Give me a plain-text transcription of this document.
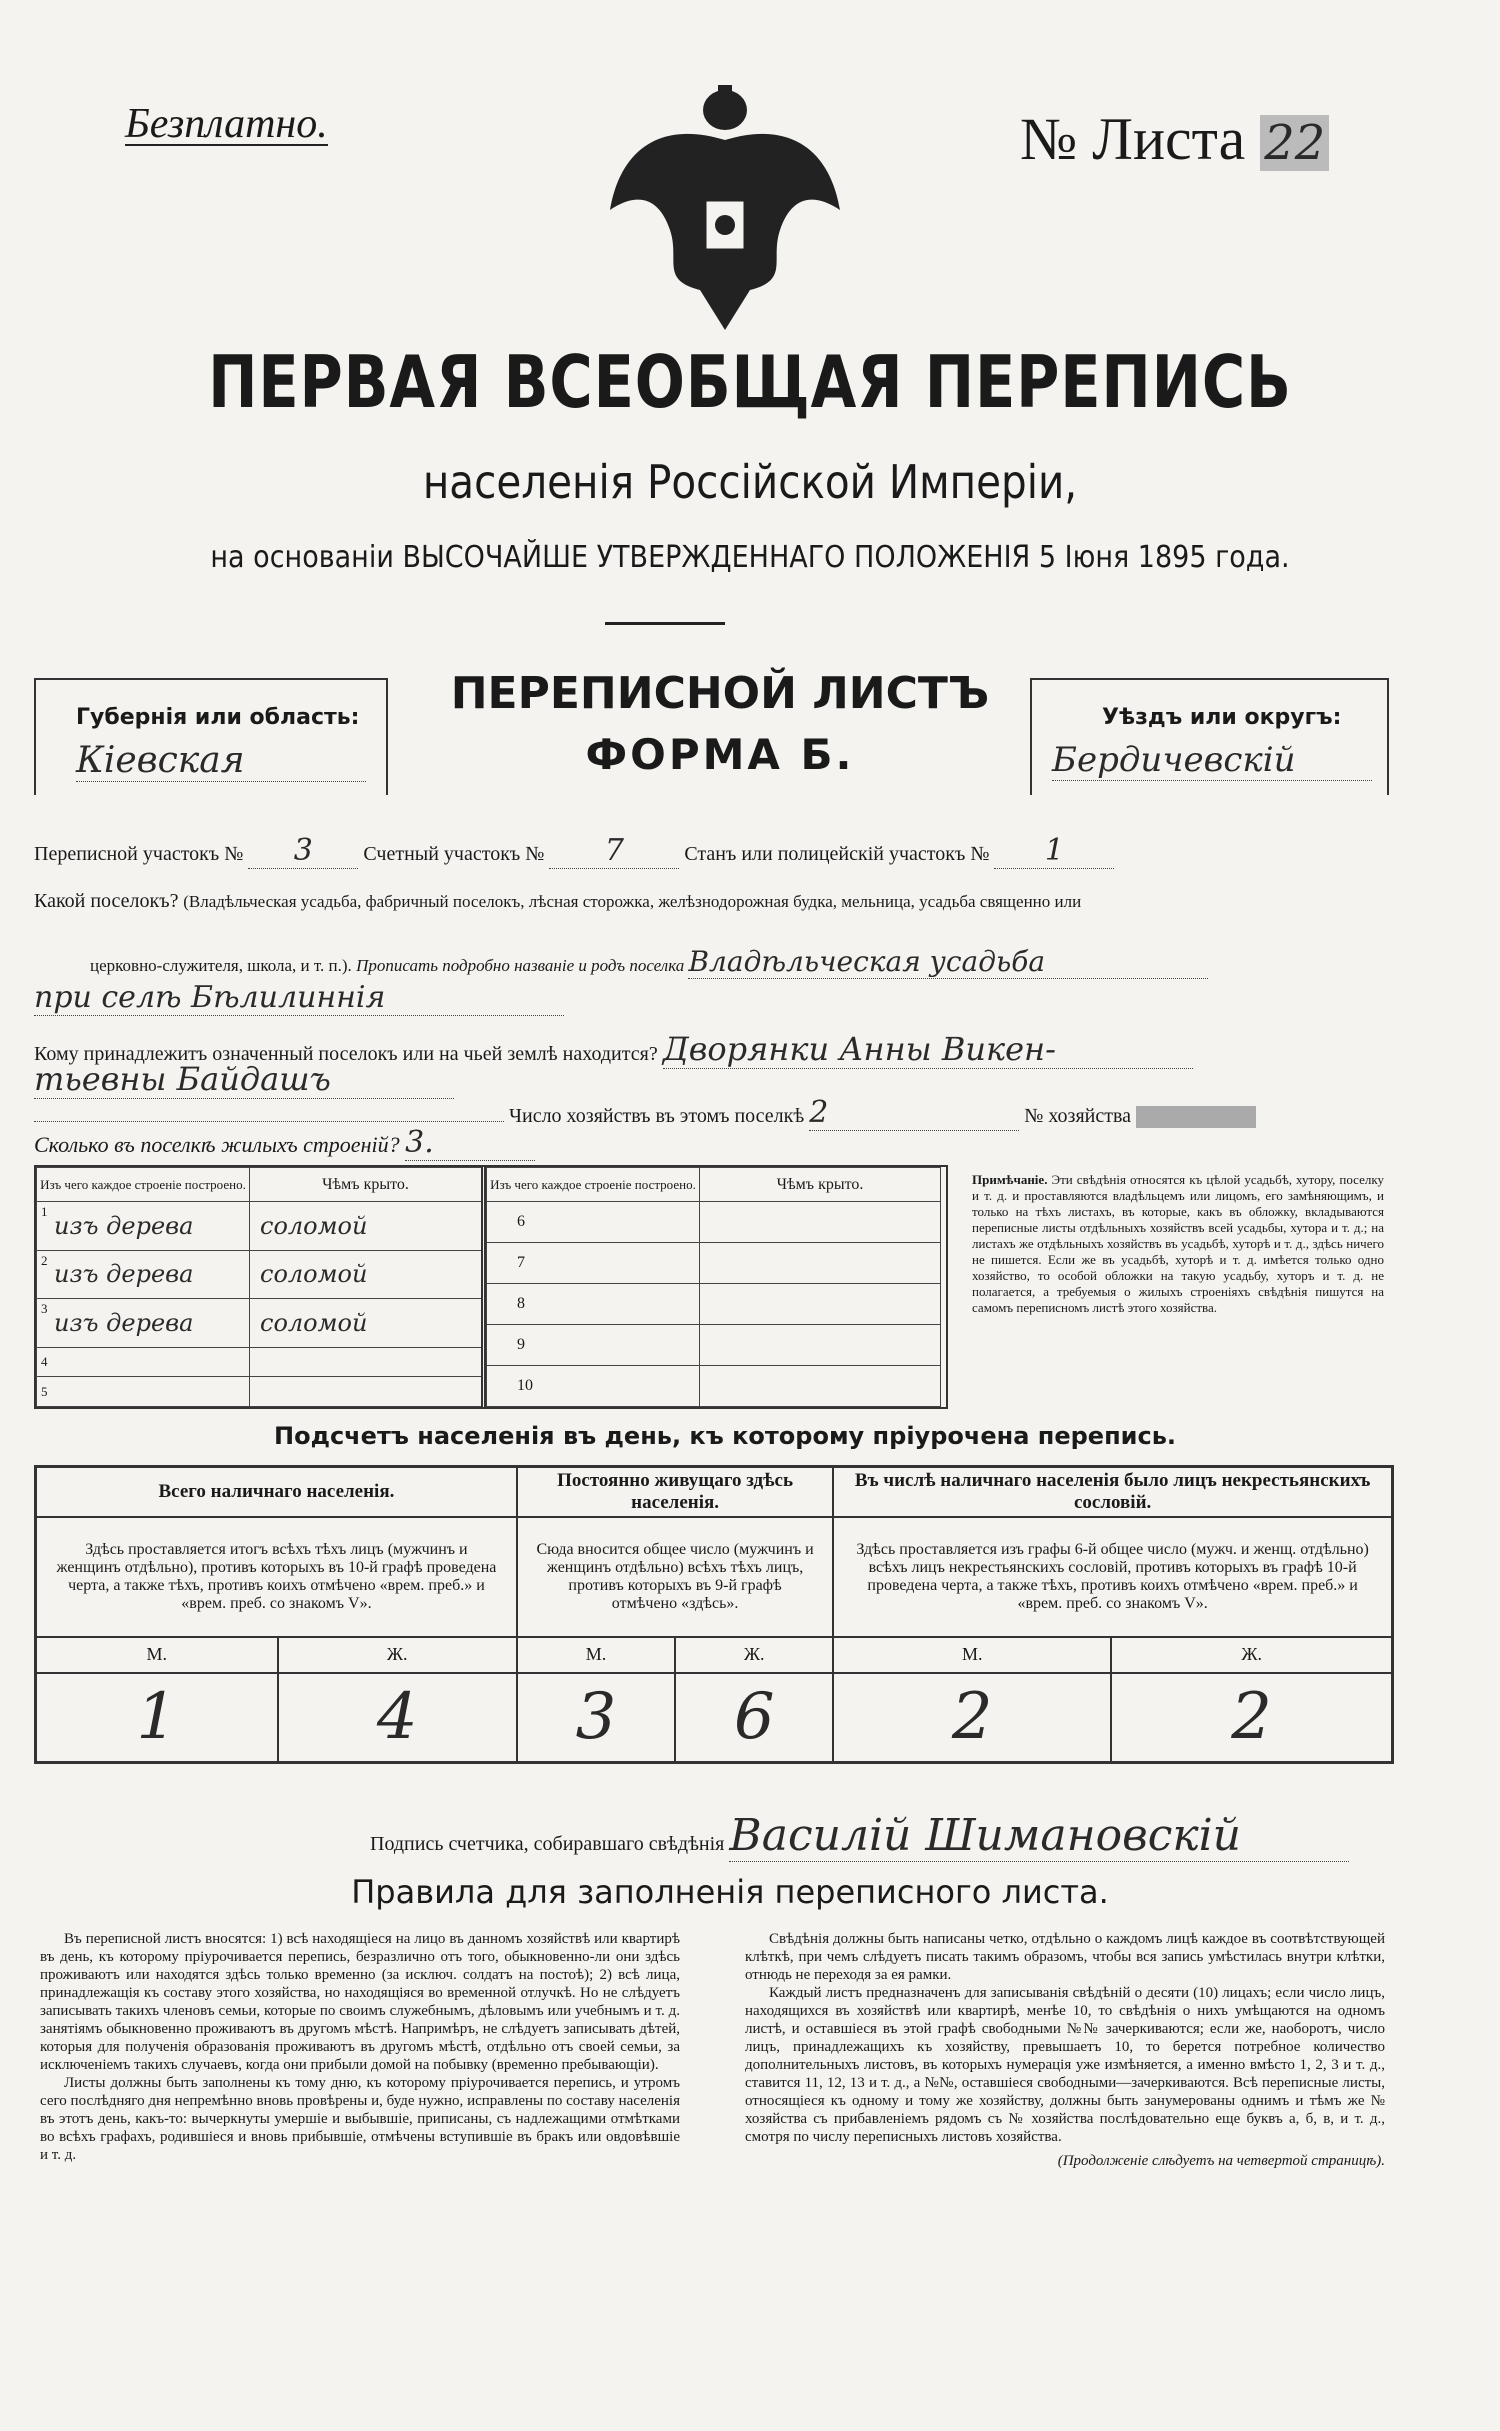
Безплатно.	№ Листа 22
ПЕРВАЯ ВСЕОБЩАЯ ПЕРЕПИСЬ
населенія Россійской Имперіи,
на основаніи ВЫСОЧАЙШЕ УТВЕРЖДЕННАГО ПОЛОЖЕНІЯ 5 Іюня 1895 года.
Губернія или область:
Кіевская
ПЕРЕПИСНОЙ ЛИСТЪ
ФОРМА Б.
Уѣздъ или округъ:
Бердичевскій
Переписной участокъ № 3	Счетный участокъ № 7	Станъ или полицейскій участокъ № 1
Какой поселокъ? (Владѣльческая усадьба, фабричный поселокъ, лѣсная сторожка, желѣзнодорожная будка, мельница, усадьба священно или
церковно-служителя, школа, и т. п.). Прописать подробно названіе и родъ поселка Владѣльческая усадьба
при селѣ Бѣлилиннія
Кому принадлежитъ означенный поселокъ или на чьей землѣ находится? Дворянки Анны Викен-
тьевны Байдашъ
Число хозяйствъ въ этомъ поселкѣ 2	№ хозяйства
Сколько въ поселкѣ жилыхъ строеній? 3.
Изъ чего каждое строеніе построено.	Чѣмъ крыто.

1
изъ дерева	соломой

2
изъ дерева	соломой

3
изъ дерева	соломой
4	
5	
Изъ чего каждое строеніе построено.	Чѣмъ крыто.
6	
7	
8	
9	
10	
Примѣчаніе. Эти свѣдѣнія относятся къ цѣлой усадьбѣ, хутору, поселку и т. д. и проставляются владѣльцемъ или лицомъ, его замѣняющимъ, и только на тѣхъ листахъ, въ которые, какъ въ обложку, вкладываются переписные листы отдѣльныхъ хозяйствъ всей усадьбы, хутора и т. д.; на листахъ же отдѣльныхъ хозяйствъ въ усадьбѣ, хуторѣ и т. д., здѣсь ничего не пишется. Если же въ усадьбѣ, хуторѣ и т. д. имѣется только одно хозяйство, то особой обложки на такую усадьбу, хуторъ и т. д. не полагается, а требуемыя о жилыхъ строеніяхъ свѣдѣнія пишутся на самомъ переписномъ листѣ этого хозяйства.
Подсчетъ населенія въ день, къ которому пріурочена перепись.
Всего наличнаго населенія.		Постоянно живущаго здѣсь населенія.		Въ числѣ наличнаго населенія было лицъ некрестьянскихъ сословій.	
Здѣсь проставляется итогъ всѣхъ тѣхъ лицъ (мужчинъ и женщинъ отдѣльно), противъ которыхъ въ 10-й графѣ проведена черта, а также тѣхъ, противъ коихъ отмѣчено «врем. преб.» и «врем. преб. со знакомъ V».		Сюда вносится общее число (мужчинъ и женщинъ отдѣльно) всѣхъ тѣхъ лицъ, противъ которыхъ въ 9-й графѣ отмѣчено «здѣсь».		Здѣсь проставляется изъ графы 6-й общее число (мужч. и женщ. отдѣльно) всѣхъ лицъ некрестьянскихъ сословій, противъ которыхъ въ графѣ 10-й проведена черта, а также тѣхъ, противъ коихъ отмѣчено «врем. преб.» и «врем. преб. со знакомъ V».	
М.	Ж.	М.	Ж.	М.	Ж.
1	4	3	6	2	2
Подпись счетчика, собиравшаго свѣдѣнія Василій Шимановскій
Правила для заполненія переписного листа.

Въ переписной листъ вносятся: 1) всѣ находящіеся на лицо въ данномъ хозяйствѣ или квартирѣ въ день, къ которому пріурочивается перепись, безразлично отъ того, обыкновенно-ли они здѣсь проживаютъ или находятся здѣсь только временно (за исключ. солдатъ на постоѣ); 2) всѣ лица, принадлежащія къ составу этого хозяйства, но находящіяся во временной отлучкѣ. Но не слѣдуетъ записывать такихъ членовъ семьи, которые по своимъ служебнымъ, дѣловымъ или учебнымъ и т. д. занятіямъ обыкновенно проживаютъ въ другомъ мѣстѣ. Напримѣръ, не слѣдуетъ записывать дѣтей, которыя для полученія образованія проживаютъ въ другомъ мѣстѣ, отдѣльно отъ своей семьи, за исключеніемъ такихъ случаевъ, когда они прибыли домой на побывку (временно пребывающіи).

Листы должны быть заполнены къ тому дню, къ которому пріурочивается перепись, и утромъ сего послѣдняго дня непремѣнно вновь провѣрены и, буде нужно, исправлены по составу населенія въ этотъ день, какъ-то: вычеркнуты умершіе и выбывшіе, приписаны, съ надлежащими отмѣтками во всѣхъ графахъ, родившіеся и вновь прибывшіе, отмѣчены вступившіе въ бракъ или овдовѣвшіе и т. д.

Свѣдѣнія должны быть написаны четко, отдѣльно о каждомъ лицѣ каждое въ соотвѣтствующей клѣткѣ, при чемъ слѣдуетъ писать такимъ образомъ, чтобы вся запись умѣстилась внутри клѣтки, отнюдь не переходя за ея рамки.

Каждый листъ предназначенъ для записыванія свѣдѣній о десяти (10) лицахъ; если число лицъ, находящихся въ хозяйствѣ или квартирѣ, менѣе 10, то свѣдѣнія о нихъ умѣщаются на одномъ листѣ, и оставшіеся въ этой графѣ свободными №№ зачеркиваются; если же, наоборотъ, число лицъ, принадлежащихъ къ хозяйству, превышаетъ 10, то берется потребное количество дополнительныхъ листовъ, въ которыхъ нумерація уже измѣняется, а именно вмѣсто 1, 2, 3 и т. д., ставится 11, 12, 13 и т. д., а №№, оставшіеся свободными—зачеркиваются. Всѣ переписные листы, относящіеся къ одному и тому же хозяйству, должны быть занумерованы однимъ и тѣмъ же № хозяйства съ прибавленіемъ рядомъ съ № хозяйства послѣдовательно еще буквъ а, б, в, и т. д., смотря по числу переписныхъ листовъ хозяйства.

(Продолженіе слѣдуетъ на четвертой страницѣ).
